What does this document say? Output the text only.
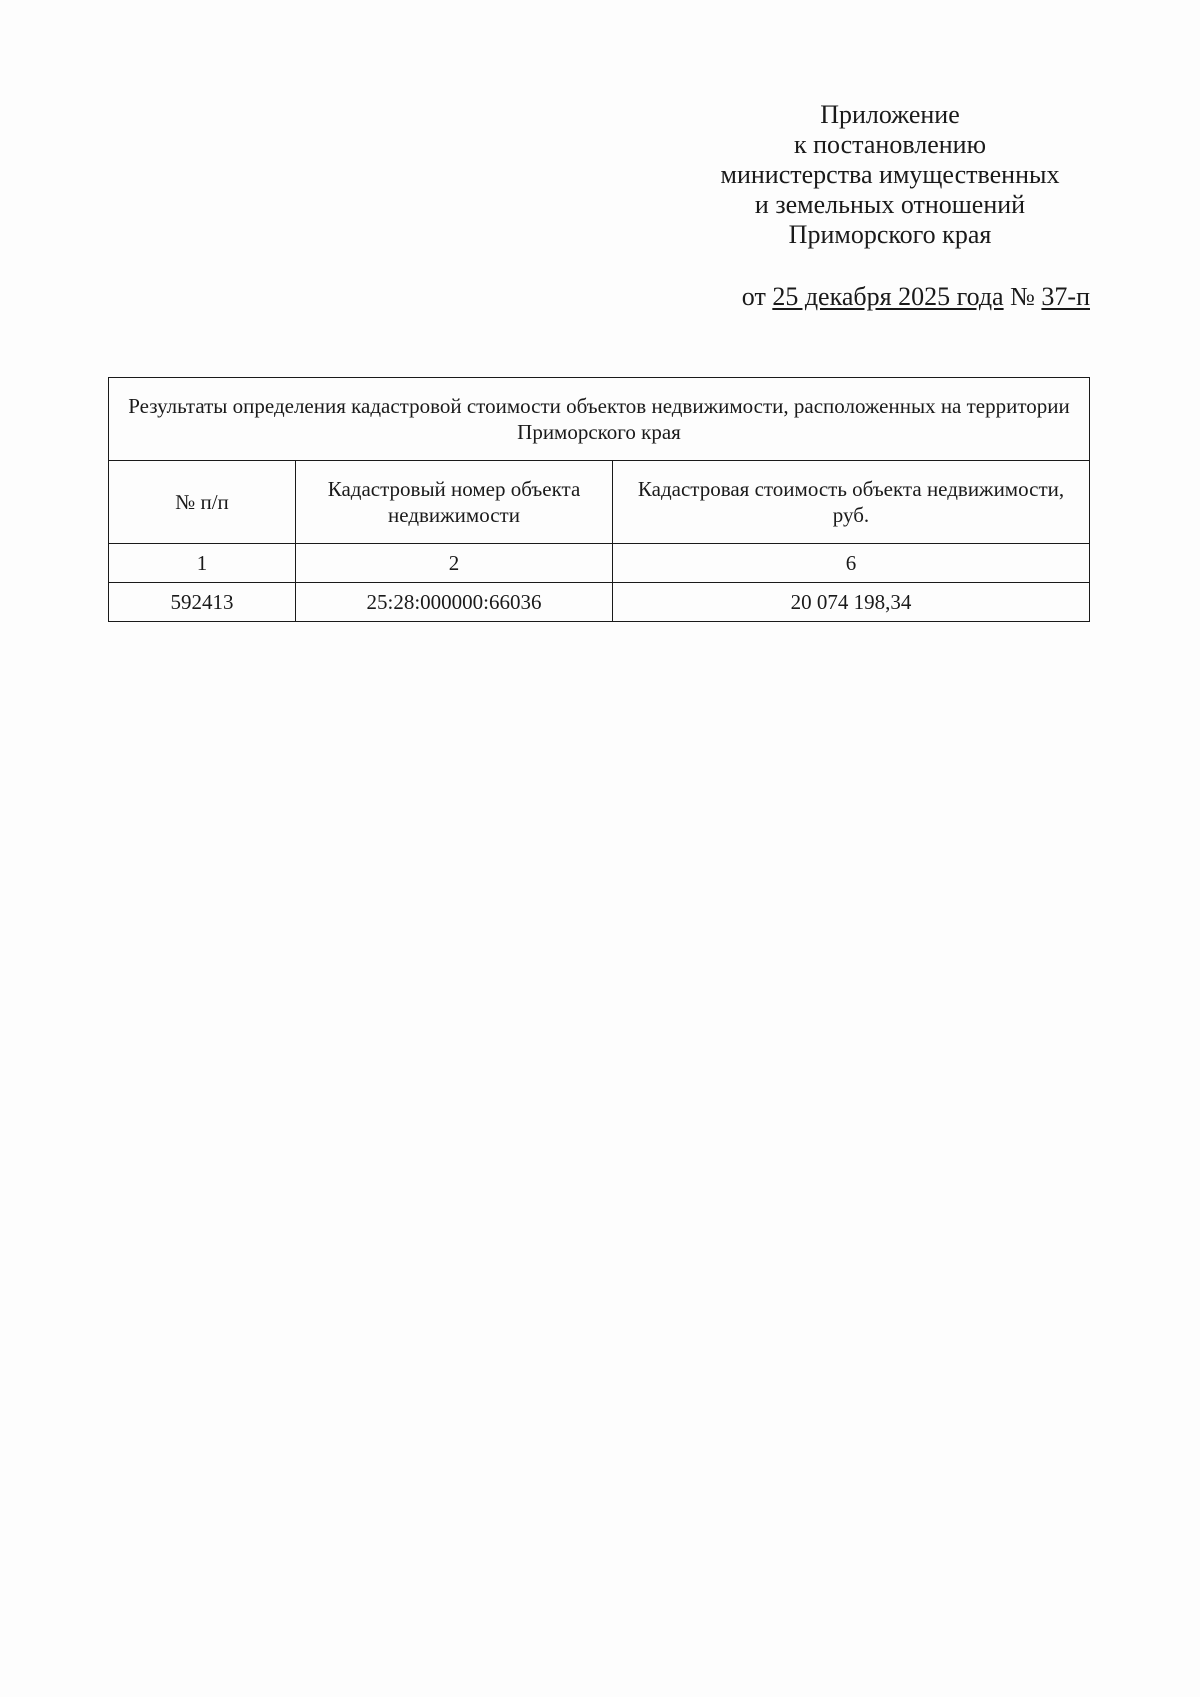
Приложение
к постановлению
министерства имущественных
и земельных отношений
Приморского края
от 25 декабря 2025 года № 37-п
Результаты определения кадастровой стоимости объектов недвижимости, расположенных на территории Приморского края		
№ п/п	Кадастровый номер объекта недвижимости	Кадастровая стоимость объекта недвижимости, руб.
1	2	6
592413	25:28:000000:66036	20 074 198,34
